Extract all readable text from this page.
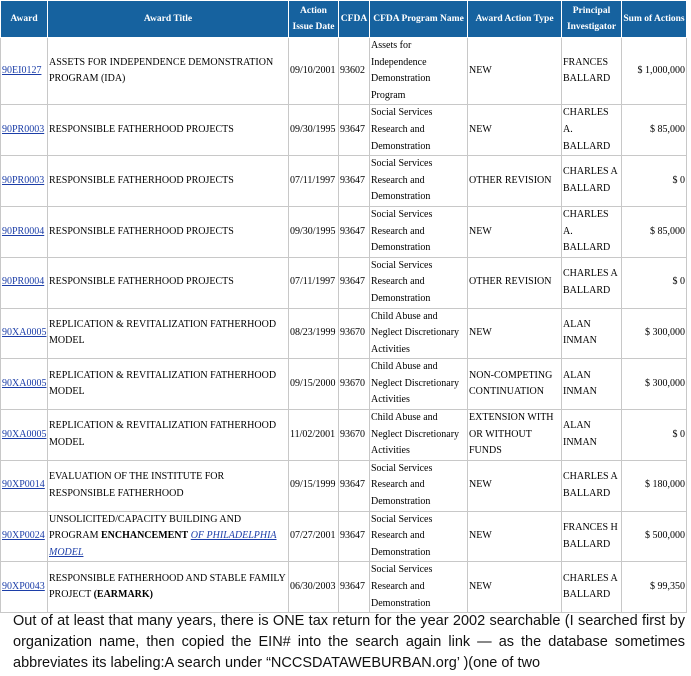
Award	Award Title	Action Issue Date	CFDA	CFDA Program Name	Award Action Type	Principal Investigator	Sum of Actions
90EI0127	ASSETS FOR INDEPENDENCE DEMONSTRATION PROGRAM (IDA)	09/10/2001	93602	Assets for Independence Demonstration Program	NEW	FRANCES BALLARD	$ 1,000,000
90PR0003	RESPONSIBLE FATHERHOOD PROJECTS	09/30/1995	93647	Social Services Research and Demonstration	NEW	CHARLES A. BALLARD	$ 85,000
90PR0003	RESPONSIBLE FATHERHOOD PROJECTS	07/11/1997	93647	Social Services Research and Demonstration	OTHER REVISION	CHARLES A BALLARD	$ 0
90PR0004	RESPONSIBLE FATHERHOOD PROJECTS	09/30/1995	93647	Social Services Research and Demonstration	NEW	CHARLES A. BALLARD	$ 85,000
90PR0004	RESPONSIBLE FATHERHOOD PROJECTS	07/11/1997	93647	Social Services Research and Demonstration	OTHER REVISION	CHARLES A BALLARD	$ 0
90XA0005	REPLICATION & REVITALIZATION FATHERHOOD MODEL	08/23/1999	93670	Child Abuse and Neglect Discretionary Activities	NEW	ALAN INMAN	$ 300,000
90XA0005	REPLICATION & REVITALIZATION FATHERHOOD MODEL	09/15/2000	93670	Child Abuse and Neglect Discretionary Activities	NON-COMPETING CONTINUATION	ALAN INMAN	$ 300,000
90XA0005	REPLICATION & REVITALIZATION FATHERHOOD MODEL	11/02/2001	93670	Child Abuse and Neglect Discretionary Activities	EXTENSION WITH OR WITHOUT FUNDS	ALAN INMAN	$ 0
90XP0014	EVALUATION OF THE INSTITUTE FOR RESPONSIBLE FATHERHOOD	09/15/1999	93647	Social Services Research and Demonstration	NEW	CHARLES A BALLARD	$ 180,000
90XP0024	UNSOLICITED/CAPACITY BUILDING AND PROGRAM ENCHANCEMENT OF PHILADELPHIA MODEL	07/27/2001	93647	Social Services Research and Demonstration	NEW	FRANCES H BALLARD	$ 500,000
90XP0043	RESPONSIBLE FATHERHOOD AND STABLE FAMILY PROJECT (EARMARK)	06/30/2003	93647	Social Services Research and Demonstration	NEW	CHARLES A BALLARD	$ 99,350

Out of at least that many years, there is ONE tax return for the year 2002 searchable (I searched first by organization name, then copied the EIN# into the search again link — as the database sometimes abbreviates its labeling:A search under “NCCSDATAWEBURBAN.org’ )(one of two
